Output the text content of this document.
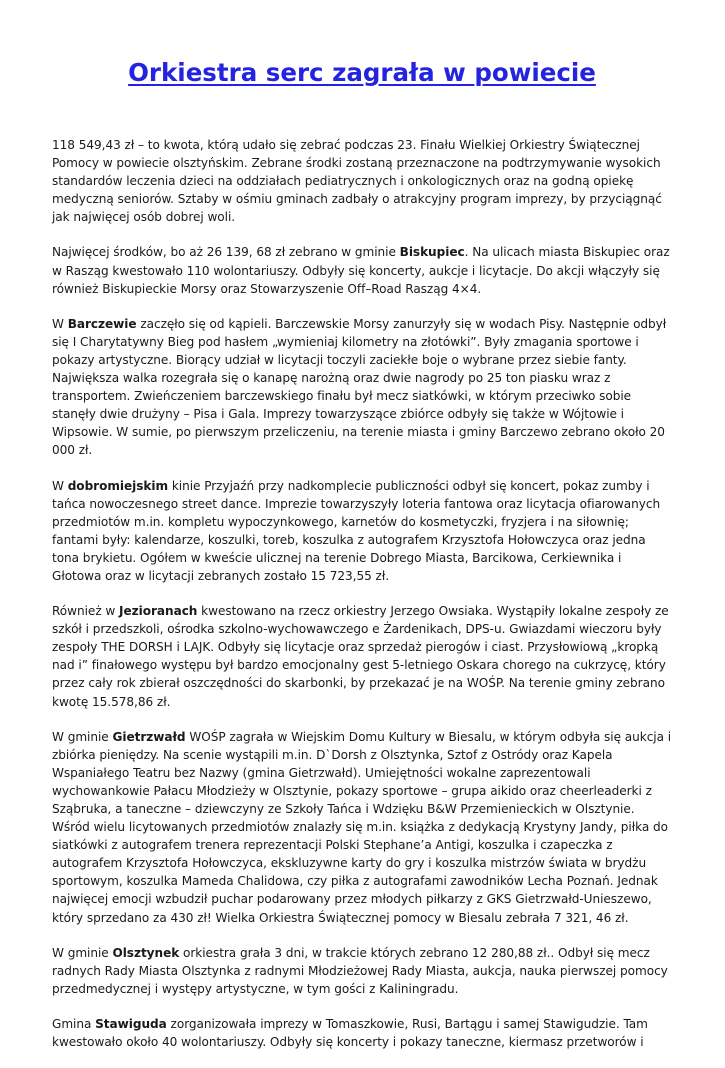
Orkiestra serc zagrała w powiecie

118 549,43 zł – to kwota, którą udało się zebrać podczas 23. Finału Wielkiej Orkiestry Świątecznej Pomocy w powiecie olsztyńskim. Zebrane środki zostaną przeznaczone na podtrzymywanie wysokich standardów leczenia dzieci na oddziałach pediatrycznych i onkologicznych oraz na godną opiekę medyczną seniorów. Sztaby w ośmiu gminach zadbały o atrakcyjny program imprezy, by przyciągnąć jak najwięcej osób dobrej woli.

Najwięcej środków, bo aż 26 139, 68 zł zebrano w gminie Biskupiec. Na ulicach miasta Biskupiec oraz w Rasząg kwestowało 110 wolontariuszy. Odbyły się koncerty, aukcje i licytacje. Do akcji włączyły się również Biskupieckie Morsy oraz Stowarzyszenie Off–Road Rasząg 4×4.

W Barczewie zaczęło się od kąpieli. Barczewskie Morsy zanurzyły się w wodach Pisy. Następnie odbył się I Charytatywny Bieg pod hasłem „wymieniaj kilometry na złotówki”. Były zmagania sportowe i pokazy artystyczne. Biorący udział w licytacji toczyli zaciekłe boje o wybrane przez siebie fanty. Największa walka rozegrała się o kanapę narożną oraz dwie nagrody po 25 ton piasku wraz z transportem. Zwieńczeniem barczewskiego finału był mecz siatkówki, w którym przeciwko sobie stanęły dwie drużyny – Pisa i Gala. Imprezy towarzyszące zbiórce odbyły się także w Wójtowie i Wipsowie. W sumie, po pierwszym przeliczeniu, na terenie miasta i gminy Barczewo zebrano około 20 000 zł.

W dobromiejskim kinie Przyjaźń przy nadkomplecie publiczności odbył się koncert, pokaz zumby i tańca nowoczesnego street dance. Imprezie towarzyszyły loteria fantowa oraz licytacja ofiarowanych przedmiotów m.in. kompletu wypoczynkowego, karnetów do kosmetyczki, fryzjera i na siłownię; fantami były: kalendarze, koszulki, toreb, koszulka z autografem Krzysztofa Hołowczyca oraz jedna tona brykietu. Ogółem w kweście ulicznej na terenie Dobrego Miasta, Barcikowa, Cerkiewnika i Głotowa oraz w licytacji zebranych zostało 15 723,55 zł.

Również w Jezioranach kwestowano na rzecz orkiestry Jerzego Owsiaka. Wystąpiły lokalne zespoły ze szkół i przedszkoli, ośrodka szkolno-wychowawczego e Żardenikach, DPS-u. Gwiazdami wieczoru były zespoły THE DORSH i LAJK. Odbyły się licytacje oraz sprzedaż pierogów i ciast. Przysłowiową „kropką nad i” finałowego występu był bardzo emocjonalny gest 5-letniego Oskara chorego na cukrzycę, który przez cały rok zbierał oszczędności do skarbonki, by przekazać je na WOŚP. Na terenie gminy zebrano kwotę 15.578,86 zł.

W gminie Gietrzwałd WOŚP zagrała w Wiejskim Domu Kultury w Biesalu, w którym odbyła się aukcja i zbiórka pieniędzy. Na scenie wystąpili m.in. D`Dorsh z Olsztynka, Sztof z Ostródy oraz Kapela Wspaniałego Teatru bez Nazwy (gmina Gietrzwałd). Umiejętności wokalne zaprezentowali wychowankowie Pałacu Młodzieży w Olsztynie, pokazy sportowe – grupa aikido oraz cheerleaderki z Sząbruka, a taneczne – dziewczyny ze Szkoły Tańca i Wdzięku B&W Przemienieckich w Olsztynie. Wśród wielu licytowanych przedmiotów znalazły się m.in. książka z dedykacją Krystyny Jandy, piłka do siatkówki z autografem trenera reprezentacji Polski Stephane’a Antigi, koszulka i czapeczka z autografem Krzysztofa Hołowczyca, ekskluzywne karty do gry i koszulka mistrzów świata w brydżu sportowym, koszulka Mameda Chalidowa, czy piłka z autografami zawodników Lecha Poznań. Jednak najwięcej emocji wzbudził puchar podarowany przez młodych piłkarzy z GKS Gietrzwałd-Unieszewo, który sprzedano za 430 zł! Wielka Orkiestra Świątecznej pomocy w Biesalu zebrała 7 321, 46 zł.

W gminie Olsztynek orkiestra grała 3 dni, w trakcie których zebrano 12 280,88 zł.. Odbył się mecz radnych Rady Miasta Olsztynka z radnymi Młodzieżowej Rady Miasta, aukcja, nauka pierwszej pomocy przedmedycznej i występy artystyczne, w tym gości z Kaliningradu.

Gmina Stawiguda zorganizowała imprezy w Tomaszkowie, Rusi, Bartągu i samej Stawigudzie. Tam kwestowało około 40 wolontariuszy. Odbyły się koncerty i pokazy taneczne, kiermasz przetworów i
